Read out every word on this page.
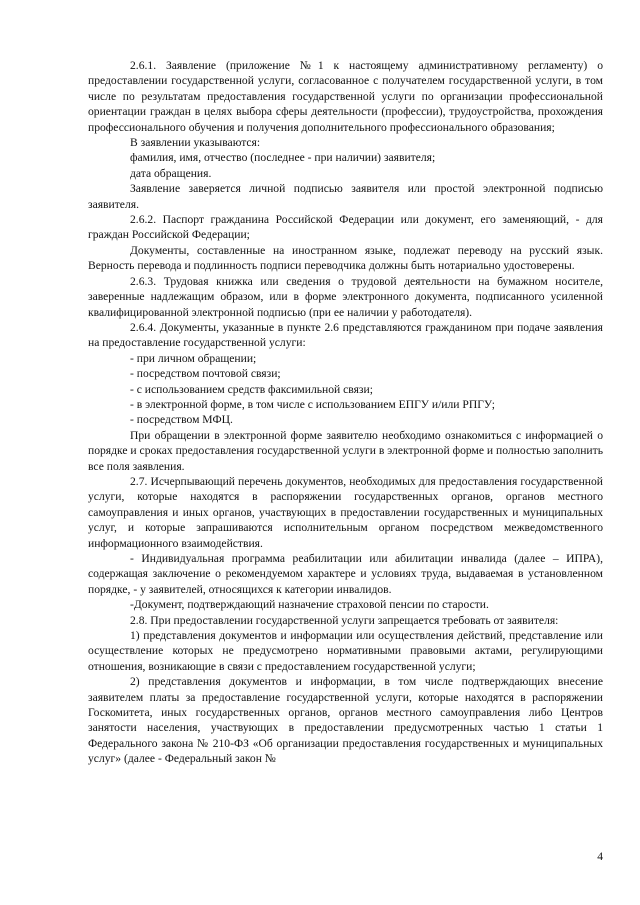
2.6.1. Заявление (приложение №1 к настоящему административному регламенту) о предоставлении государственной услуги, согласованное с получателем государственной услуги, в том числе по результатам предоставления государственной услуги по организации профессиональной ориентации граждан в целях выбора сферы деятельности (профессии), трудоустройства, прохождения профессионального обучения и получения дополнительного профессионального образования;

В заявлении указываются:

фамилия, имя, отчество (последнее - при наличии) заявителя;

дата обращения.

Заявление заверяется личной подписью заявителя или простой электронной подписью заявителя.

2.6.2. Паспорт гражданина Российской Федерации или документ, его заменяющий, - для граждан Российской Федерации;

Документы, составленные на иностранном языке, подлежат переводу на русский язык. Верность перевода и подлинность подписи переводчика должны быть нотариально удостоверены.

2.6.3. Трудовая книжка или сведения о трудовой деятельности на бумажном носителе, заверенные надлежащим образом, или в форме электронного документа, подписанного усиленной квалифицированной электронной подписью (при ее наличии у работодателя).

2.6.4. Документы, указанные в пункте 2.6 представляются гражданином при подаче заявления на предоставление государственной услуги:

- при личном обращении;

- посредством почтовой связи;

- с использованием средств факсимильной связи;

- в электронной форме, в том числе с использованием ЕПГУ и/или РПГУ;

- посредством МФЦ.

При обращении в электронной форме заявителю необходимо ознакомиться с информацией о порядке и сроках предоставления государственной услуги в электронной форме и полностью заполнить все поля заявления.

2.7. Исчерпывающий перечень документов, необходимых для предоставления государственной услуги, которые находятся в распоряжении государственных органов, органов местного самоуправления и иных органов, участвующих в предоставлении государственных и муниципальных услуг, и которые запрашиваются исполнительным органом посредством межведомственного информационного взаимодействия.

- Индивидуальная программа реабилитации или абилитации инвалида (далее – ИПРА), содержащая заключение о рекомендуемом характере и условиях труда, выдаваемая в установленном порядке, - у заявителей, относящихся к категории инвалидов.

-Документ, подтверждающий назначение страховой пенсии по старости.

2.8. При предоставлении государственной услуги запрещается требовать от заявителя:

1) представления документов и информации или осуществления действий, представление или осуществление которых не предусмотрено нормативными правовыми актами, регулирующими отношения, возникающие в связи с предоставлением государственной услуги;

2) представления документов и информации, в том числе подтверждающих внесение заявителем платы за предоставление государственной услуги, которые находятся в распоряжении Госкомитета, иных государственных органов, органов местного самоуправления либо Центров занятости населения, участвующих в предоставлении предусмотренных частью 1 статьи 1 Федерального закона № 210-ФЗ «Об организации предоставления государственных и муниципальных услуг» (далее - Федеральный закон №

4
